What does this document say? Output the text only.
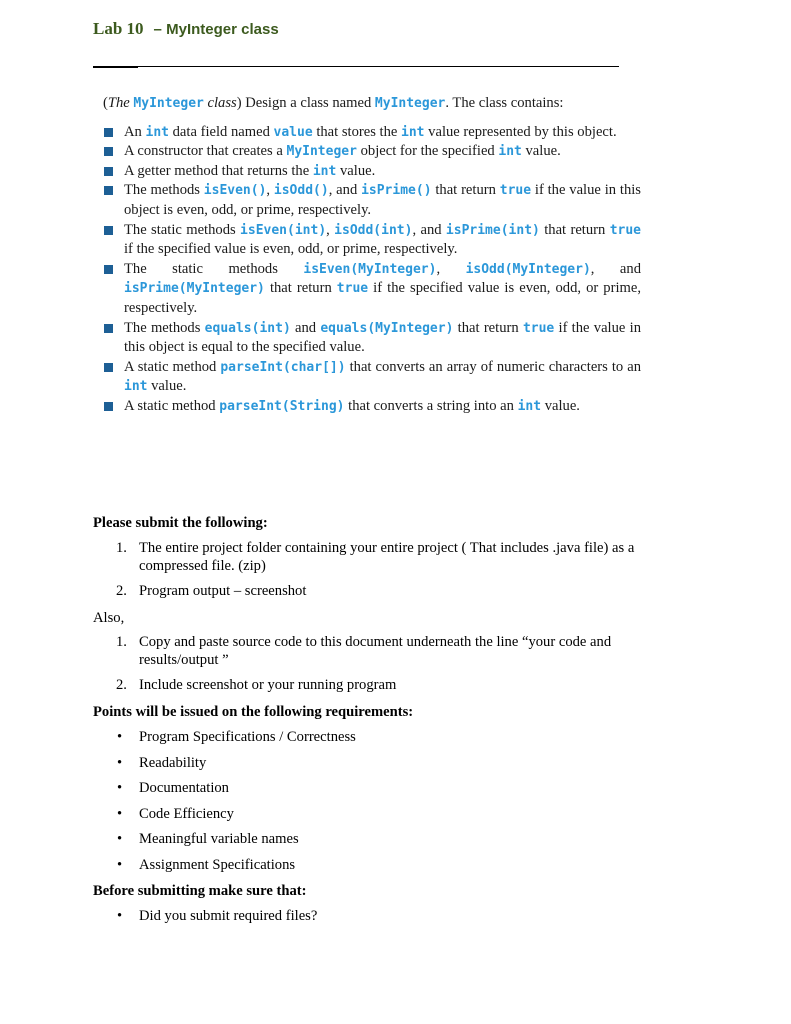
Lab 10 – MyInteger class
(The MyInteger class) Design a class named MyInteger. The class contains:
An int data field named value that stores the int value represented by this object.
A constructor that creates a MyInteger object for the specified int value.
A getter method that returns the int value.
The methods isEven(), isOdd(), and isPrime() that return true if the value in this object is even, odd, or prime, respectively.
The static methods isEven(int), isOdd(int), and isPrime(int) that return true if the specified value is even, odd, or prime, respectively.
The static methods isEven(MyInteger), isOdd(MyInteger), and isPrime(MyInteger) that return true if the specified value is even, odd, or prime, respectively.
The methods equals(int) and equals(MyInteger) that return true if the value in this object is equal to the specified value.
A static method parseInt(char[]) that converts an array of numeric characters to an int value.
A static method parseInt(String) that converts a string into an int value.
Please submit the following:
1. The entire project folder containing your entire project ( That includes .java file) as a compressed file. (zip)
2. Program output – screenshot
Also,
1. Copy and paste source code to this document underneath the line “your code and results/output ”
2. Include screenshot or your running program
Points will be issued on the following requirements:
• Program Specifications / Correctness
• Readability
• Documentation
• Code Efficiency
• Meaningful variable names
• Assignment Specifications
Before submitting make sure that:
• Did you submit required files?
